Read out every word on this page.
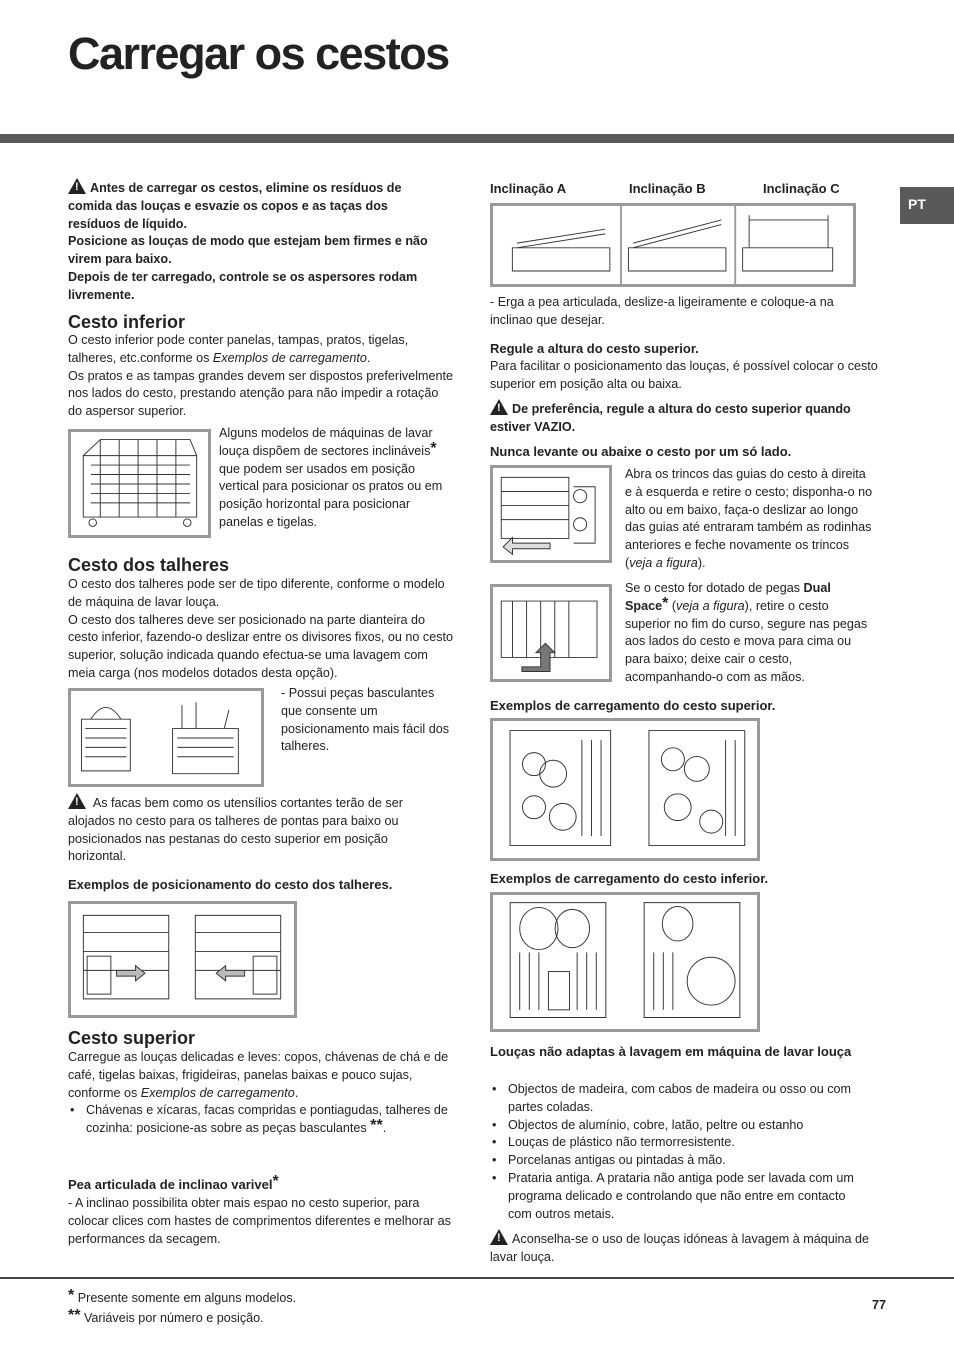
Carregar os cestos
PT
!Antes de carregar os cestos, elimine os resíduos de comida das louças e esvazie os copos e as taças dos resíduos de líquido.
Posicione as louças de modo que estejam bem firmes e não virem para baixo.
Depois de ter carregado, controle se os aspersores rodam livremente.
Cesto inferior
O cesto inferior pode conter panelas, tampas, pratos, tigelas, talheres, etc.conforme os Exemplos de carregamento.
Os pratos e as tampas grandes devem ser dispostos preferivelmente nos lados do cesto, prestando atenção para não impedir a rotação do aspersor superior.
Alguns modelos de máquinas de lavar louça dispõem de sectores inclináveis* que podem ser usados em posição vertical para posicionar os pratos ou em posição horizontal para posicionar panelas e tigelas.
Cesto dos talheres
O cesto dos talheres pode ser de tipo diferente, conforme o modelo de máquina de lavar louça.
O cesto dos talheres deve ser posicionado na parte dianteira do cesto inferior, fazendo-o deslizar entre os divisores fixos, ou no cesto superior, solução indicada quando efectua-se uma lavagem com meia carga (nos modelos dotados desta opção).
- Possui peças basculantes que consente um posicionamento mais fácil dos talheres.
! As facas bem como os utensílios cortantes terão de ser alojados no cesto para os talheres de pontas para baixo ou posicionados nas pestanas do cesto superior em posição horizontal.
Exemplos de posicionamento do cesto dos talheres.
Cesto superior
Carregue as louças delicadas e leves: copos, chávenas de chá e de café, tigelas baixas, frigideiras, panelas baixas e pouco sujas, conforme os Exemplos de carregamento.
• Chávenas e xícaras, facas compridas e pontiagudas, talheres de cozinha: posicione-as sobre as peças basculantes **.
Pea articulada de inclinao varivel*
- A inclinao possibilita obter mais espao no cesto superior, para colocar clices com hastes de comprimentos diferentes e melhorar as performances da secagem.
Inclinação A	Inclinação B	Inclinação C
- Erga a pea articulada, deslize-a ligeiramente e coloque-a na inclinao que desejar.
Regule a altura do cesto superior.
Para facilitar o posicionamento das louças, é possível colocar o cesto superior em posição alta ou baixa.
!De preferência, regule a altura do cesto superior quando estiver VAZIO.
Nunca levante ou abaixe o cesto por um só lado.
Abra os trincos das guias do cesto à direita e à esquerda e retire o cesto; disponha-o no alto ou em baixo, faça-o deslizar ao longo das guias até entraram também as rodinhas anteriores e feche novamente os trincos (veja a figura).
Se o cesto for dotado de pegas Dual Space* (veja a figura), retire o cesto superior no fim do curso, segure nas pegas aos lados do cesto e mova para cima ou para baixo; deixe cair o cesto, acompanhando-o com as mãos.
Exemplos de carregamento do cesto superior.
Exemplos de carregamento do cesto inferior.
Louças não adaptas à lavagem em máquina de lavar louça
• Objectos de madeira, com cabos de madeira ou osso ou com partes coladas.
• Objectos de alumínio, cobre, latão, peltre ou estanho
• Louças de plástico não termorresistente.
• Porcelanas antigas ou pintadas à mão.
• Prataria antiga. A prataria não antiga pode ser lavada com um programa delicado e controlando que não entre em contacto com outros metais.
!Aconselha-se o uso de louças idóneas à lavagem à máquina de lavar louça.
* Presente somente em alguns modelos.
** Variáveis por número e posição.
77
